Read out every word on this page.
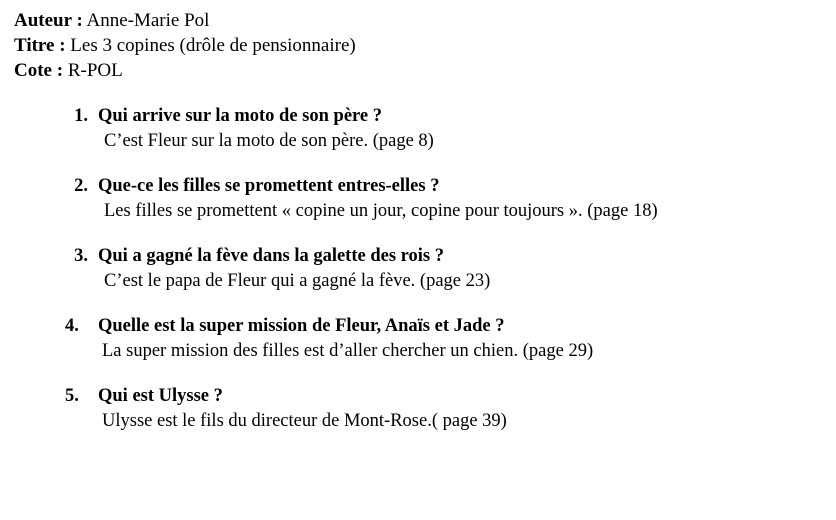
Auteur : Anne-Marie Pol
Titre : Les 3 copines (drôle de pensionnaire)
Cote : R-POL
1. Qui arrive sur la moto de son père ?
C’est Fleur sur la moto de son père. (page 8)
2. Que-ce les filles se promettent entres-elles ?
Les filles se promettent « copine un jour, copine pour toujours ». (page 18)
3. Qui a gagné la fève dans la galette des rois ?
C’est le papa de Fleur qui a gagné la fève. (page 23)
4.	Quelle est la super mission de Fleur, Anaïs et Jade ?
La super mission des filles est d’aller chercher un chien. (page 29)
5.	Qui est Ulysse ?
Ulysse est le fils du directeur de Mont-Rose.( page 39)
